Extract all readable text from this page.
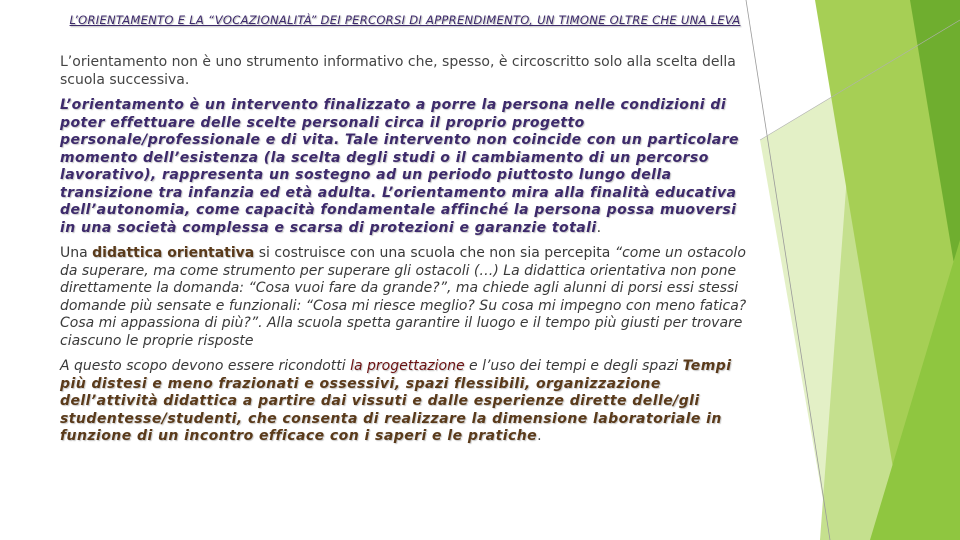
L’ORIENTAMENTO E LA “VOCAZIONALITÀ” DEI PERCORSI DI APPRENDIMENTO, UN TIMONE OLTRE CHE UNA LEVA

L’orientamento non è uno strumento informativo che, spesso, è circoscritto solo alla scelta della scuola successiva.

L’orientamento è un intervento finalizzato a porre la persona nelle condizioni di poter effettuare delle scelte personali circa il proprio progetto personale/professionale e di vita. Tale intervento non coincide con un particolare momento dell’esistenza (la scelta degli studi o il cambiamento di un percorso lavorativo), rappresenta un sostegno ad un periodo piuttosto lungo della transizione tra infanzia ed età adulta. L’orientamento mira alla finalità educativa dell’autonomia, come capacità fondamentale affinché la persona possa muoversi in una società complessa e scarsa di protezioni e garanzie totali.

Una didattica orientativa si costruisce con una scuola che non sia percepita “come un ostacolo da superare, ma come strumento per superare gli ostacoli (…) La didattica orientativa non pone direttamente la domanda: “Cosa vuoi fare da grande?”, ma chiede agli alunni di porsi essi stessi domande più sensate e funzionali: “Cosa mi riesce meglio? Su cosa mi impegno con meno fatica? Cosa mi appassiona di più?”. Alla scuola spetta garantire il luogo e il tempo più giusti per trovare ciascuno le proprie risposte

A questo scopo devono essere ricondotti la progettazione e l’uso dei tempi e degli spazi Tempi più distesi e meno frazionati e ossessivi, spazi flessibili, organizzazione dell’attività didattica a partire dai vissuti e dalle esperienze dirette delle/gli studentesse/studenti, che consenta di realizzare la dimensione laboratoriale in funzione di un incontro efficace con i saperi e le pratiche.
